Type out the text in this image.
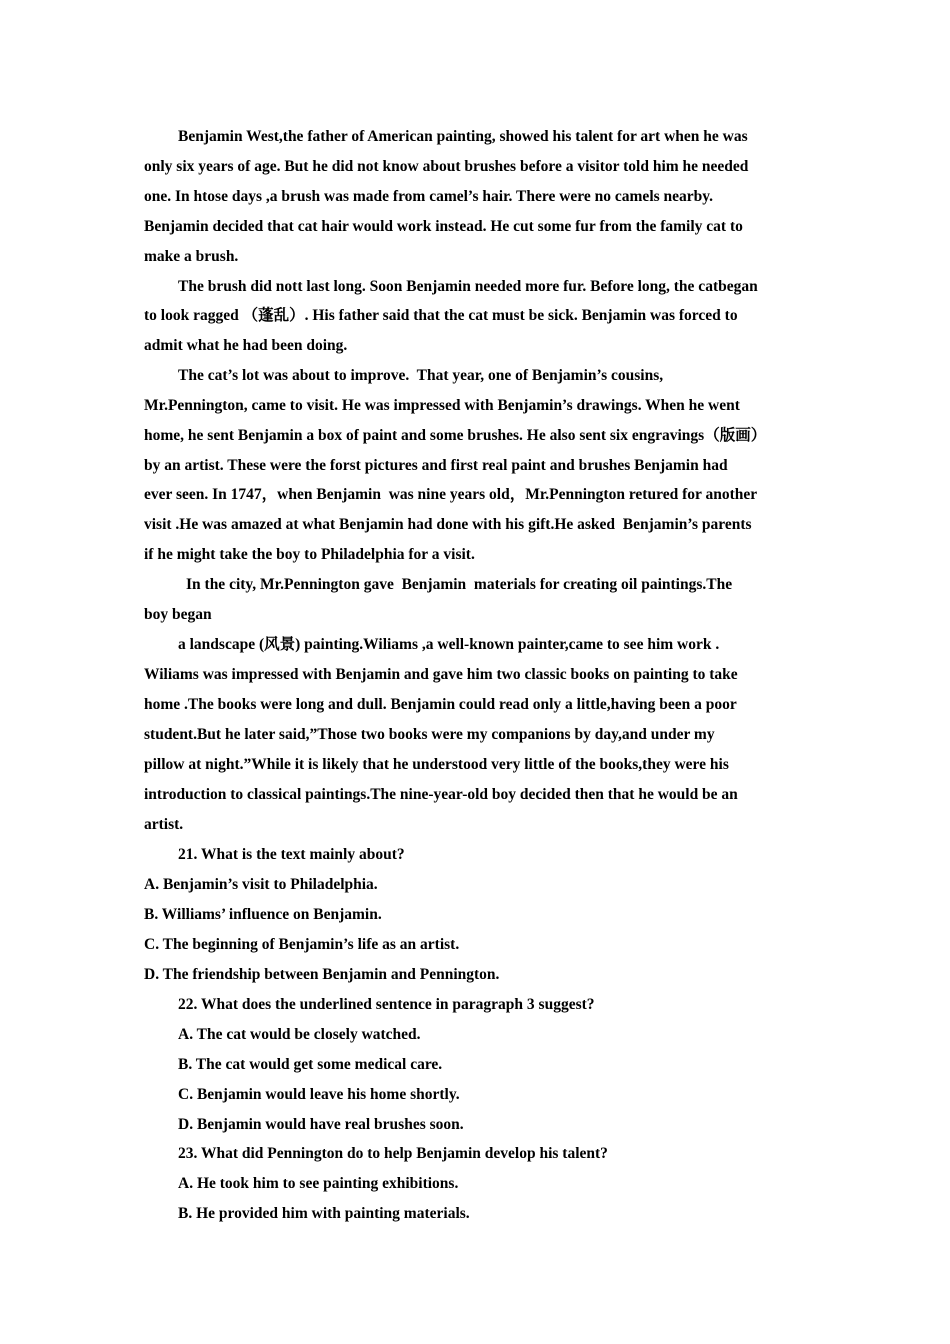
Benjamin West,the father of American painting, showed his talent for art when he was
only six years of age. But he did not know about brushes before a visitor told him he needed
one. In htose days ,a brush was made from camel’s hair. There were no camels nearby.
Benjamin decided that cat hair would work instead. He cut some fur from the family cat to
make a brush.
The brush did nott last long. Soon Benjamin needed more fur. Before long, the catbegan
to look ragged （蓬乱）. His father said that the cat must be sick. Benjamin was forced to
admit what he had been doing.
The cat’s lot was about to improve.  That year, one of Benjamin’s cousins,
Mr.Pennington, came to visit. He was impressed with Benjamin’s drawings. When he went
home, he sent Benjamin a box of paint and some brushes. He also sent six engravings（版画）
by an artist. These were the forst pictures and first real paint and brushes Benjamin had
ever seen. In 1747，when Benjamin  was nine years old，Mr.Pennington retured for another
visit .He was amazed at what Benjamin had done with his gift.He asked  Benjamin’s parents
if he might take the boy to Philadelphia for a visit.
In the city, Mr.Pennington gave  Benjamin  materials for creating oil paintings.The
boy began
a landscape (风景) painting.Wiliams ,a well-known painter,came to see him work .
Wiliams was impressed with Benjamin and gave him two classic books on painting to take
home .The books were long and dull. Benjamin could read only a little,having been a poor
student.But he later said,”Those two books were my companions by day,and under my
pillow at night.”While it is likely that he understood very little of the books,they were his
introduction to classical paintings.The nine-year-old boy decided then that he would be an
artist.
21. What is the text mainly about?
A. Benjamin’s visit to Philadelphia.
B. Williams’ influence on Benjamin.
C. The beginning of Benjamin’s life as an artist.
D. The friendship between Benjamin and Pennington.
22. What does the underlined sentence in paragraph 3 suggest?
A. The cat would be closely watched.
B. The cat would get some medical care.
C. Benjamin would leave his home shortly.
D. Benjamin would have real brushes soon.
23. What did Pennington do to help Benjamin develop his talent?
A. He took him to see painting exhibitions.
B. He provided him with painting materials.
